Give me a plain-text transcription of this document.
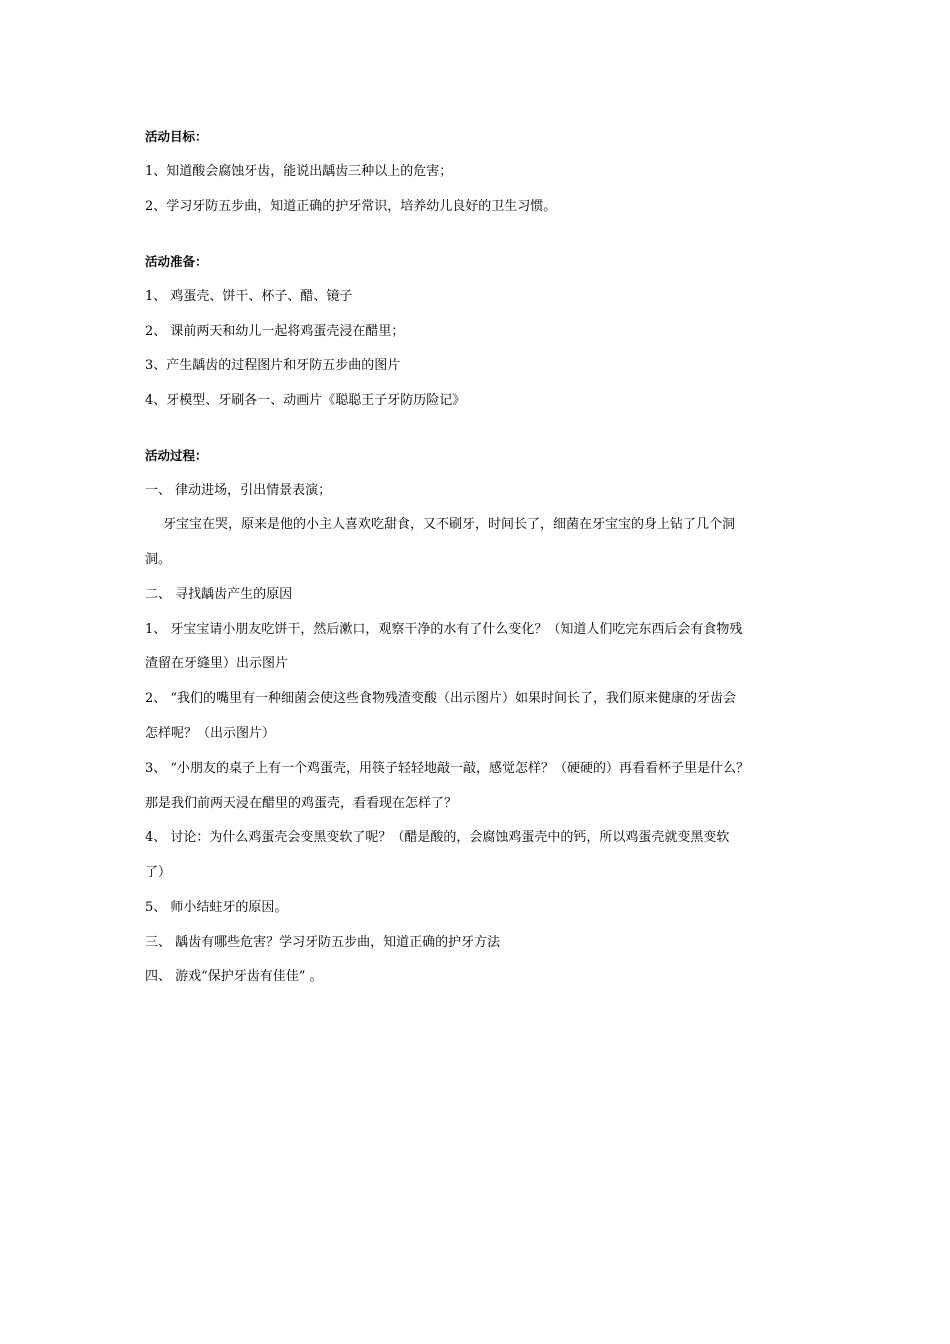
活动目标：
1、知道酸会腐蚀牙齿，能说出龋齿三种以上的危害；
2、学习牙防五步曲，知道正确的护牙常识，培养幼儿良好的卫生习惯。
活动准备：
1、 鸡蛋壳、饼干、杯子、醋、镜子
2、 课前两天和幼儿一起将鸡蛋壳浸在醋里；
3、产生龋齿的过程图片和牙防五步曲的图片
4、牙模型、牙刷各一、动画片《聪聪王子牙防历险记》
活动过程：
一、 律动进场，引出情景表演；
牙宝宝在哭，原来是他的小主人喜欢吃甜食，又不刷牙，时间长了，细菌在牙宝宝的身上钻了几个洞
洞。
二、 寻找龋齿产生的原因
1、 牙宝宝请小朋友吃饼干，然后漱口，观察干净的水有了什么变化？（知道人们吃完东西后会有食物残
渣留在牙缝里）出示图片
2、 “我们的嘴里有一种细菌会使这些食物残渣变酸（出示图片）如果时间长了，我们原来健康的牙齿会
怎样呢？（出示图片）
3、 “小朋友的桌子上有一个鸡蛋壳，用筷子轻轻地敲一敲，感觉怎样？（硬硬的）再看看杯子里是什么？
那是我们前两天浸在醋里的鸡蛋壳，看看现在怎样了？
4、 讨论：为什么鸡蛋壳会变黑变软了呢？（醋是酸的，会腐蚀鸡蛋壳中的钙，所以鸡蛋壳就变黑变软
了）
5、 师小结蛀牙的原因。
三、 龋齿有哪些危害？学习牙防五步曲，知道正确的护牙方法
四、 游戏“保护牙齿有佳佳” 。
